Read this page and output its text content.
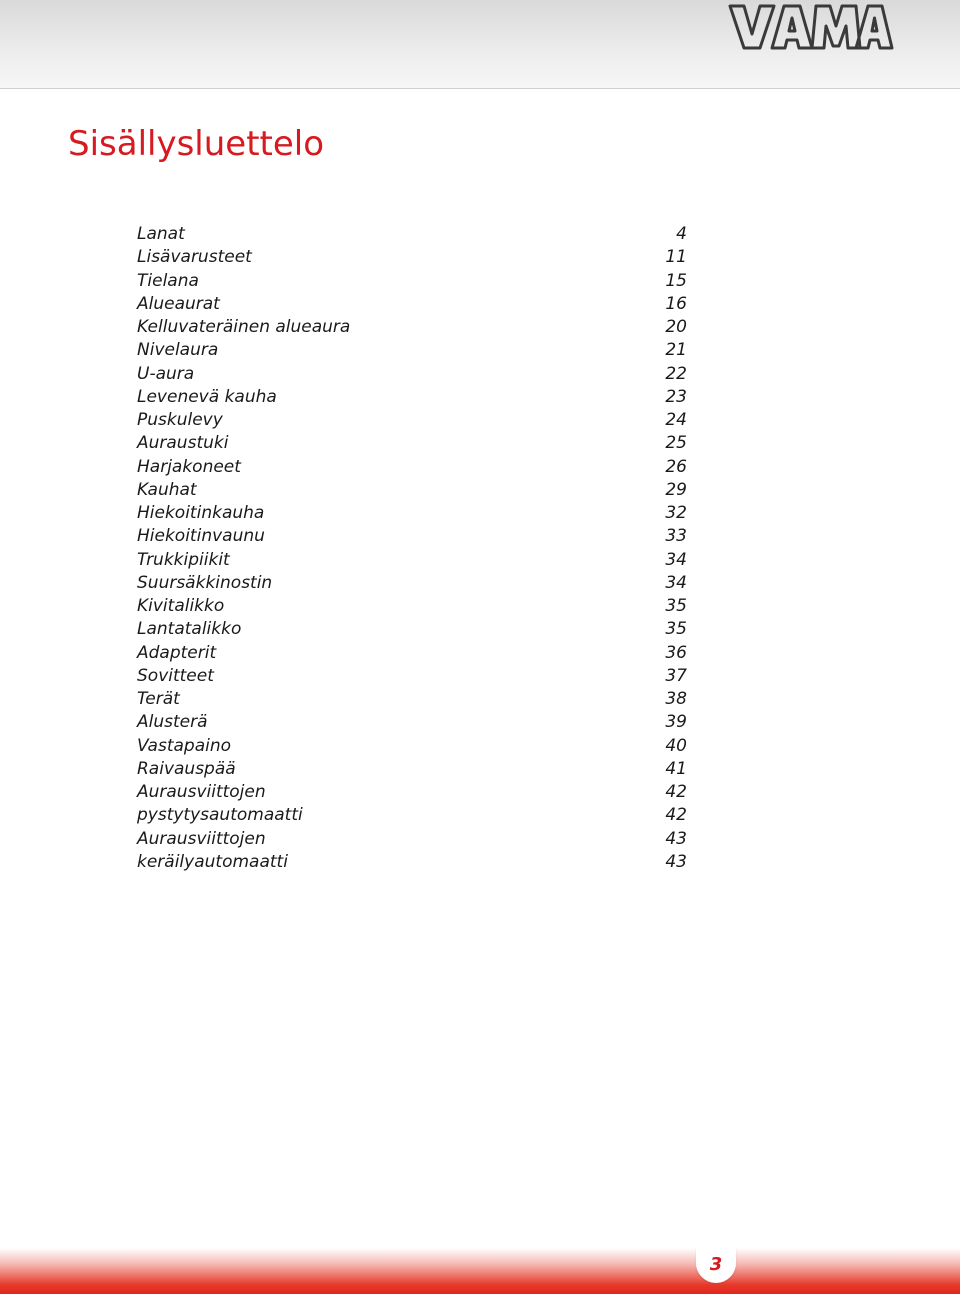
Sisällysluettelo
Lanat	4
Lisävarusteet	11
Tielana	15
Alueaurat	16
Kelluvateräinen alueaura	20
Nivelaura	21
U-aura	22
Levenevä kauha	23
Puskulevy	24
Auraustuki	25
Harjakoneet	26
Kauhat	29
Hiekoitinkauha	32
Hiekoitinvaunu	33
Trukkipiikit	34
Suursäkkinostin	34
Kivitalikko	35
Lantatalikko	35
Adapterit	36
Sovitteet	37
Terät	38
Alusterä	39
Vastapaino	40
Raivauspää	41
Aurausviittojen	42
pystytysautomaatti	42
Aurausviittojen	43
keräilyautomaatti	43
3
